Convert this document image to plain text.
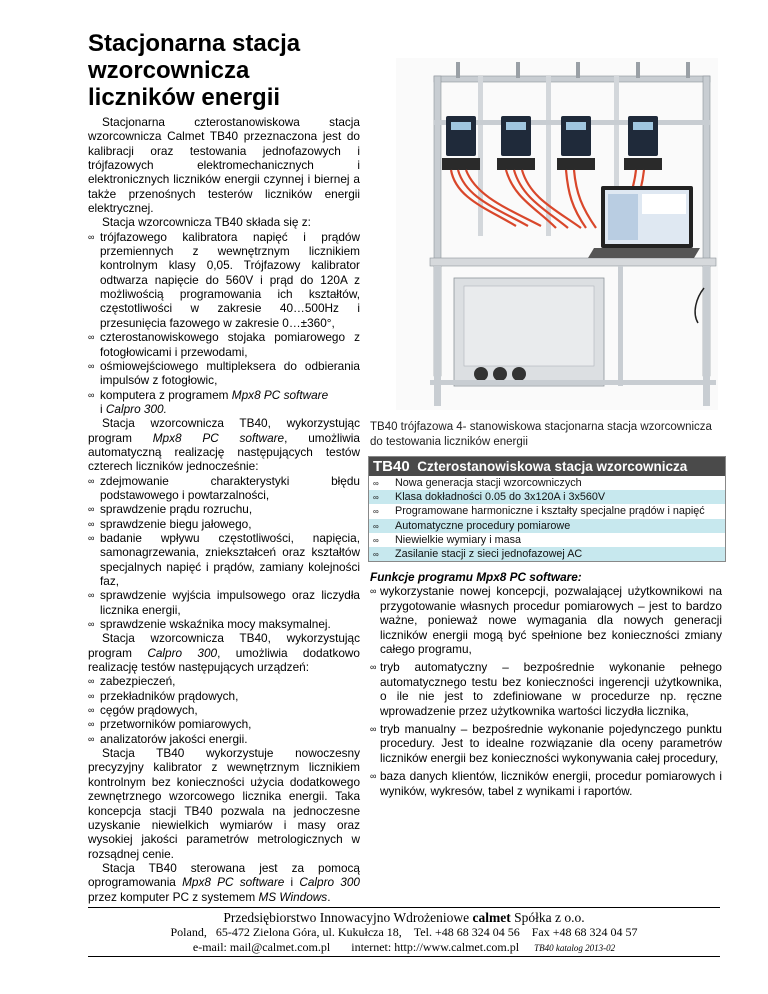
Stacjonarna stacja wzorcownicza liczników energii

Stacjonarna czterostanowiskowa stacja wzorcownicza Calmet TB40 przeznaczona jest do kalibracji oraz testowania jednofazowych i trójfazowych elektromechanicznych i elektronicznych liczników energii czynnej i biernej a także przenośnych testerów liczników energii elektrycznej.

Stacja wzorcownicza TB40 składa się z:

∞ trójfazowego kalibratora napięć i prądów przemiennych z wewnętrznym licznikiem kontrolnym klasy 0,05. Trójfazowy kalibrator odtwarza napięcie do 560V i prąd do 120A z możliwością programowania ich kształtów, częstotliwości w zakresie 40…500Hz i przesunięcia fazowego w zakresie 0…±360°,

∞ czterostanowiskowego stojaka pomiarowego z fotogłowicami i przewodami,

∞ ośmiowejściowego multipleksera do odbierania impulsów z fotogłowic,

∞ komputera z programem Mpx8 PC software
i Calpro 300.

Stacja wzorcownicza TB40, wykorzystując program Mpx8 PC software, umożliwia automatyczną realizację następujących testów czterech liczników jednocześnie:

∞ zdejmowanie charakterystyki błędu podstawowego i powtarzalności,

∞ sprawdzenie prądu rozruchu,

∞ sprawdzenie biegu jałowego,

∞ badanie wpływu częstotliwości, napięcia, samonagrzewania, zniekształceń oraz kształtów specjalnych napięć i prądów, zamiany kolejności faz,

∞ sprawdzenie wyjścia impulsowego oraz liczydła licznika energii,

∞ sprawdzenie wskaźnika mocy maksymalnej.

Stacja wzorcownicza TB40, wykorzystując program Calpro 300, umożliwia dodatkowo realizację testów następujących urządzeń:

∞ zabezpieczeń,

∞ przekładników prądowych,

∞ cęgów prądowych,

∞ przetworników pomiarowych,

∞ analizatorów jakości energii.

Stacja TB40 wykorzystuje nowoczesny precyzyjny kalibrator z wewnętrznym licznikiem kontrolnym bez konieczności użycia dodatkowego zewnętrznego wzorcowego licznika energii. Taka koncepcja stacji TB40 pozwala na jednoczesne uzyskanie niewielkich wymiarów i masy oraz wysokiej jakości parametrów metrologicznych w rozsądnej cenie.

Stacja TB40 sterowana jest za pomocą oprogramowania Mpx8 PC software i Calpro 300 przez komputer PC z systemem MS Windows.

TB40 trójfazowa 4- stanowiskowa stacjonarna stacja wzorcownicza do testowania liczników energii
TB40 Czterostanowiskowa stacja wzorcownicza
∞ Nowa generacja stacji wzorcowniczych
∞ Klasa dokładności 0.05 do 3x120A i 3x560V
∞ Programowane harmoniczne i kształty specjalne prądów i napięć
∞ Automatyczne procedury pomiarowe
∞ Niewielkie wymiary i masa
∞ Zasilanie stacji z sieci jednofazowej AC

Funkcje programu Mpx8 PC software:

∞ wykorzystanie nowej koncepcji, pozwalającej użytkownikowi na przygotowanie własnych procedur pomiarowych – jest to bardzo ważne, ponieważ nowe wymagania dla nowych generacji liczników energii mogą być spełnione bez konieczności zmiany całego programu,

∞ tryb automatyczny – bezpośrednie wykonanie pełnego automatycznego testu bez konieczności ingerencji użytkownika, o ile nie jest to zdefiniowane w procedurze np. ręczne wprowadzenie przez użytkownika wartości liczydła licznika,

∞ tryb manualny – bezpośrednie wykonanie pojedynczego punktu procedury. Jest to idealne rozwiązanie dla oceny parametrów liczników energii bez konieczności wykonywania całej procedury,

∞ baza danych klientów, liczników energii, procedur pomiarowych i wyników, wykresów, tabel z wynikami i raportów.

Przedsiębiorstwo Innowacyjno Wdrożeniowe calmet Spółka z o.o.
Poland, 65-472 Zielona Góra, ul. Kukułcza 18, Tel. +48 68 324 04 56 Fax +48 68 324 04 57
e-mail: mail@calmet.com.pl internet: http://www.calmet.com.pl TB40 katalog 2013-02
